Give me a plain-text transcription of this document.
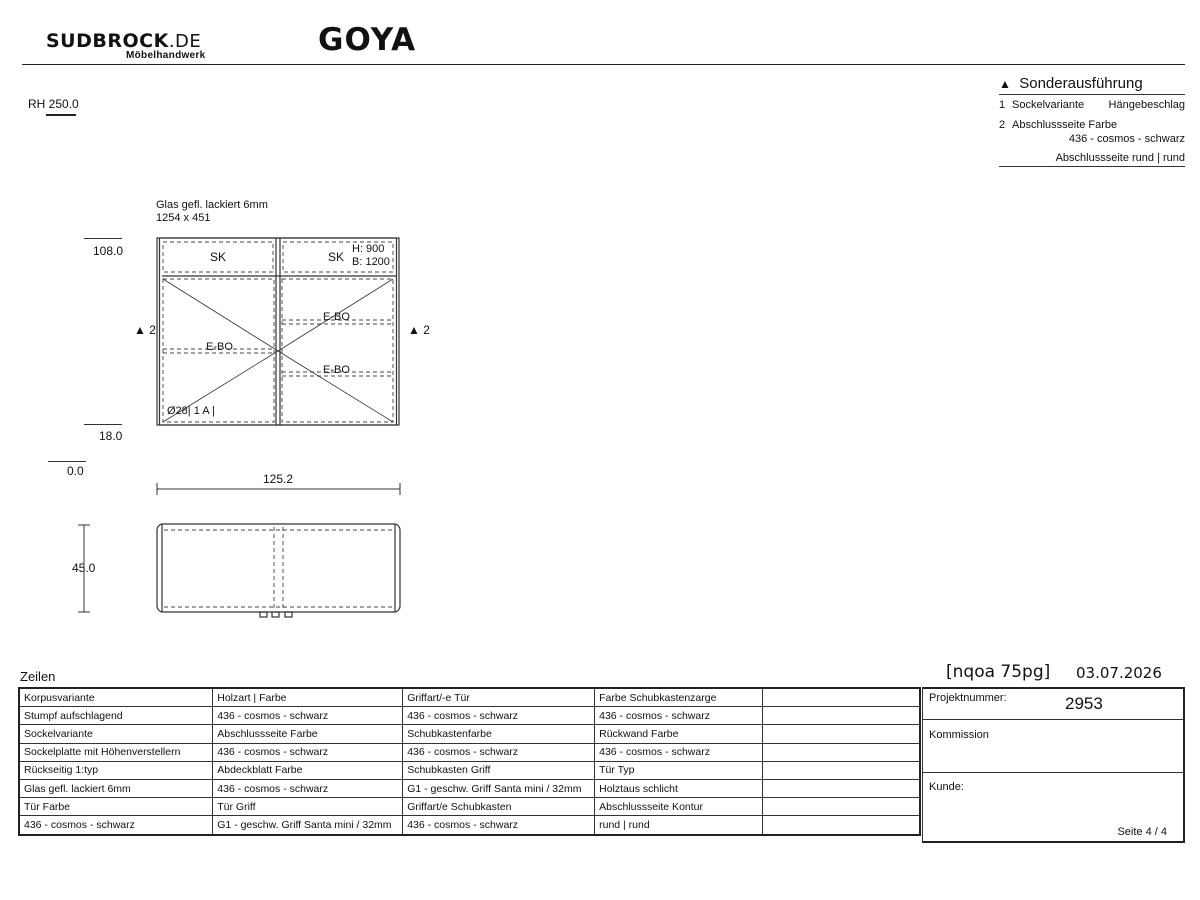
SUDBROCK.DE
Möbelhandwerk	GOYA
RH 250.0
▲ Sonderausführung
1 Sockelvariante Hängebeschlag
2 Abschlussseite Farbe
436 - cosmos - schwarz
Abschlussseite rund | rund
Glas gefl. lackiert 6mm
1254 x 451
108.0
18.0
0.0
▲ 2	▲ 2
125.2
45.0
SK	SK
H: 900
B: 1200
E-BO
E-BO
E-BO
Ø28| 1 A |
Zeilen	[nqoa 75pg] 03.07.2026
Korpusvariante	Holzart | Farbe	Griffart/-e Tür	Farbe Schubkastenzarge	
Stumpf aufschlagend	436 - cosmos - schwarz	436 - cosmos - schwarz	436 - cosmos - schwarz	
Sockelvariante	Abschlussseite Farbe	Schubkastenfarbe	Rückwand Farbe	
Sockelplatte mit Höhenverstellern	436 - cosmos - schwarz	436 - cosmos - schwarz	436 - cosmos - schwarz	
Rückseitig 1:typ	Abdeckblatt Farbe	Schubkasten Griff	Tür Typ	
Glas gefl. lackiert 6mm	436 - cosmos - schwarz	G1 - geschw. Griff Santa mini / 32mm	Holztaus schlicht	
Tür Farbe	Tür Griff	Griffart/e Schubkasten	Abschlussseite Kontur	
436 - cosmos - schwarz	G1 - geschw. Griff Santa mini / 32mm	436 - cosmos - schwarz	rund | rund	
Projektnummer:	2953
Kommission
Kunde:
Seite 4 / 4
